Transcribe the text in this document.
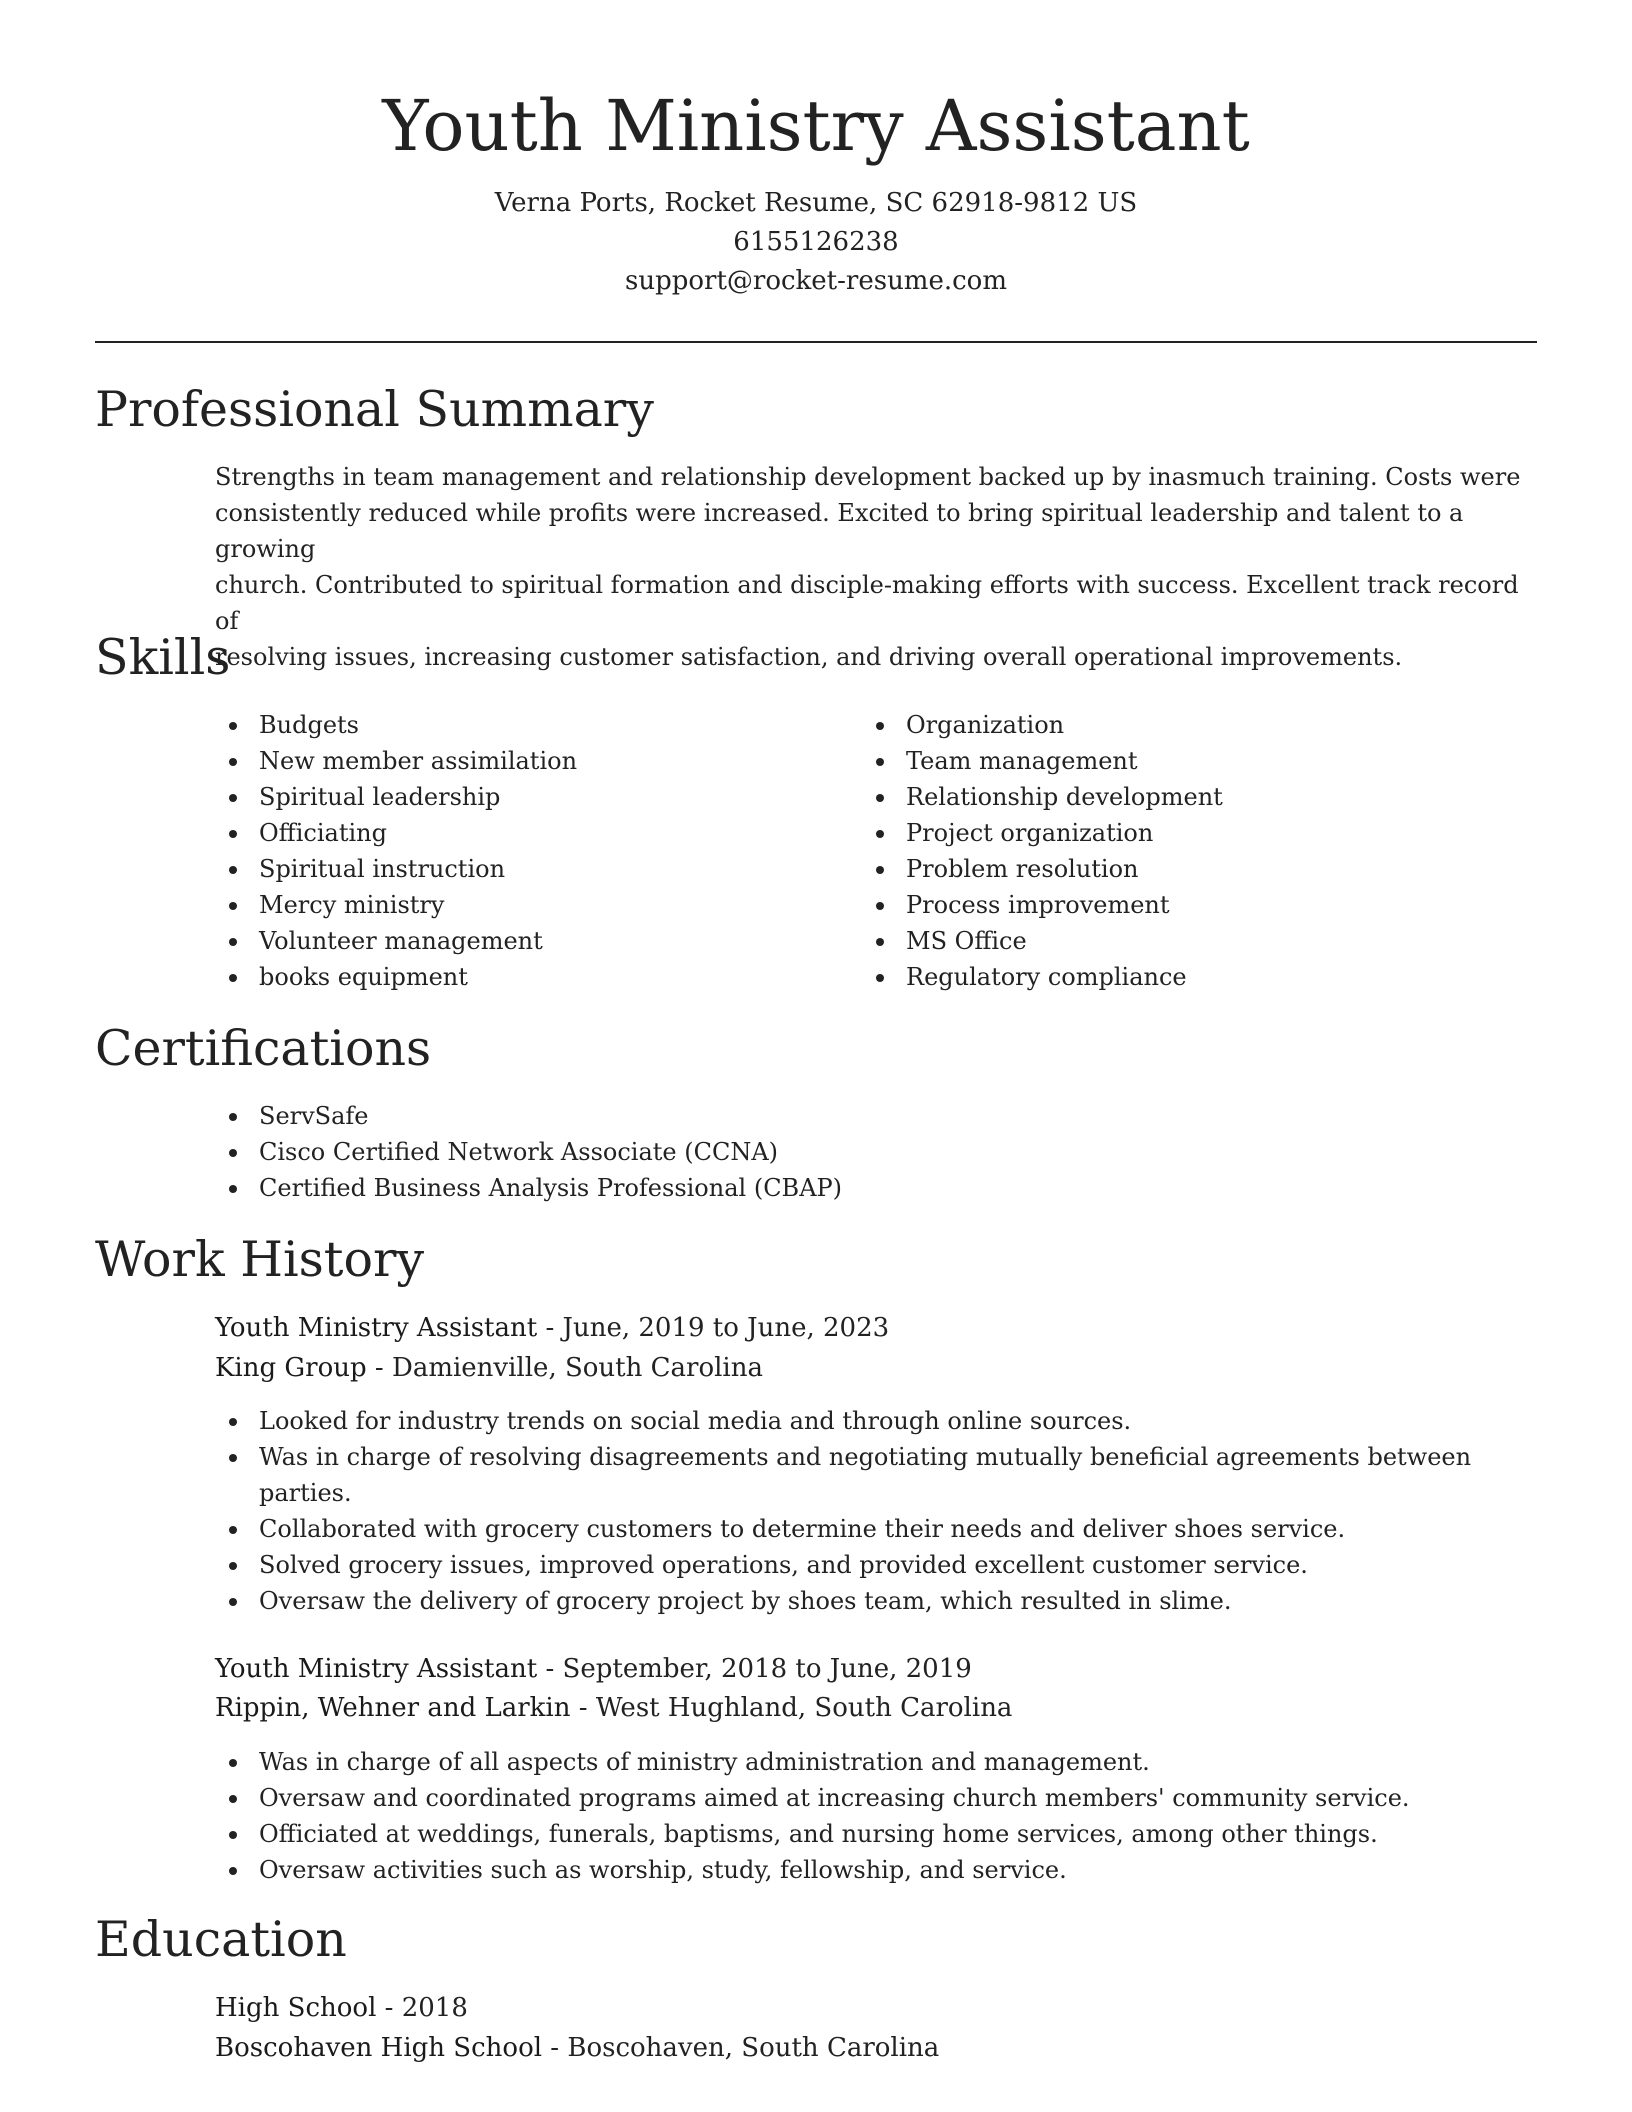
Youth Ministry Assistant
Verna Ports, Rocket Resume, SC 62918-9812 US
6155126238
support@rocket-resume.com
Professional Summary
Strengths in team management and relationship development backed up by inasmuch training. Costs were
consistently reduced while profits were increased. Excited to bring spiritual leadership and talent to a growing
church. Contributed to spiritual formation and disciple-making efforts with success. Excellent track record of
resolving issues, increasing customer satisfaction, and driving overall operational improvements.
Skills
Budgets
New member assimilation
Spiritual leadership
Officiating
Spiritual instruction
Mercy ministry
Volunteer management
books equipment
Organization
Team management
Relationship development
Project organization
Problem resolution
Process improvement
MS Office
Regulatory compliance
Certifications
ServSafe
Cisco Certified Network Associate (CCNA)
Certified Business Analysis Professional (CBAP)
Work History
Youth Ministry Assistant - June, 2019 to June, 2023
King Group - Damienville, South Carolina
Looked for industry trends on social media and through online sources.
Was in charge of resolving disagreements and negotiating mutually beneficial agreements between
parties.
Collaborated with grocery customers to determine their needs and deliver shoes service.
Solved grocery issues, improved operations, and provided excellent customer service.
Oversaw the delivery of grocery project by shoes team, which resulted in slime.
Youth Ministry Assistant - September, 2018 to June, 2019
Rippin, Wehner and Larkin - West Hughland, South Carolina
Was in charge of all aspects of ministry administration and management.
Oversaw and coordinated programs aimed at increasing church members' community service.
Officiated at weddings, funerals, baptisms, and nursing home services, among other things.
Oversaw activities such as worship, study, fellowship, and service.
Education
High School - 2018
Boscohaven High School - Boscohaven, South Carolina
